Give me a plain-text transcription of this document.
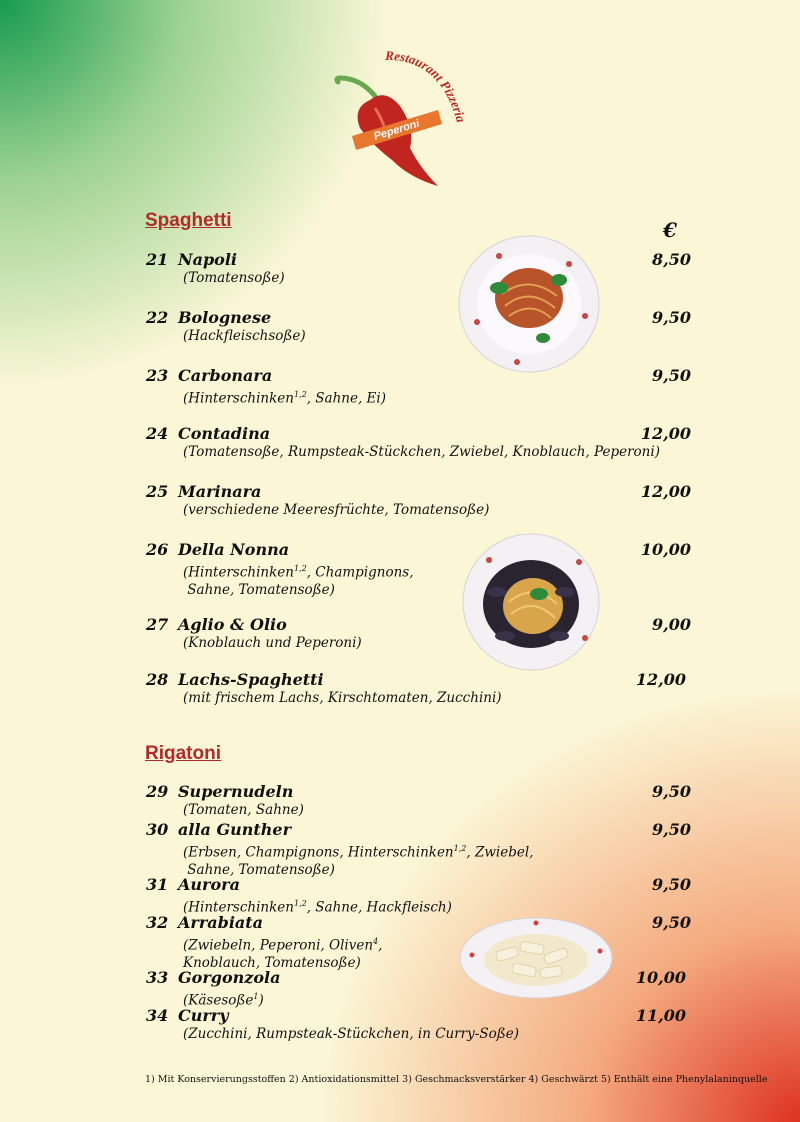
Peperoni
Restaurant Pizzeria
Spaghetti	€
21 Napoli	8,50
(Tomatensoße)
22 Bolognese	9,50
(Hackfleischsoße)
23 Carbonara	9,50
(Hinterschinken$^{1,2}$, Sahne, Ei)
24 Contadina	12,00
(Tomatensoße, Rumpsteak-Stückchen, Zwiebel, Knoblauch, Peperoni)
25 Marinara	12,00
(verschiedene Meeresfrüchte, Tomatensoße)
26 Della Nonna	10,00
(Hinterschinken$^{1,2}$, Champignons,
Sahne, Tomatensoße)
27 Aglio & Olio	9,00
(Knoblauch und Peperoni)
28 Lachs-Spaghetti	12,00
(mit frischem Lachs, Kirschtomaten, Zucchini)
Rigatoni
29 Supernudeln	9,50
(Tomaten, Sahne)
30 alla Gunther	9,50
(Erbsen, Champignons, Hinterschinken$^{1,2}$, Zwiebel,
Sahne, Tomatensoße)
31 Aurora	9,50
(Hinterschinken$^{1,2}$, Sahne, Hackfleisch)
32 Arrabiata	9,50
(Zwiebeln, Peperoni, Oliven$^4$,
Knoblauch, Tomatensoße)
33 Gorgonzola	10,00
(Käsesoße$^1$)
34 Curry	11,00
(Zucchini, Rumpsteak-Stückchen, in Curry-Soße)
1) Mit Konservierungsstoffen 2) Antioxidationsmittel 3) Geschmacksverstärker 4) Geschwärzt 5) Enthält eine Phenylalaninquelle
